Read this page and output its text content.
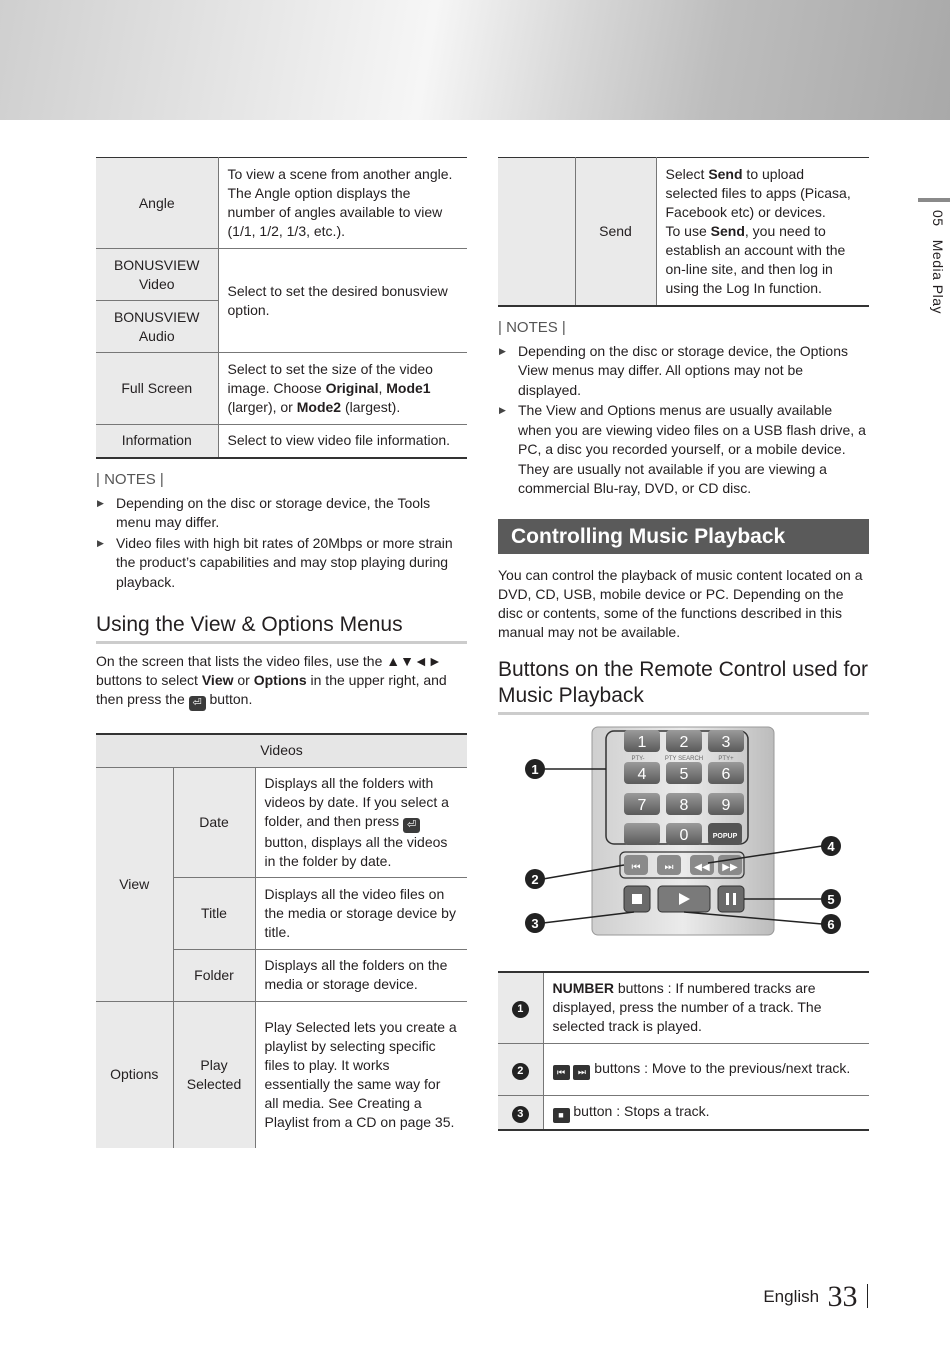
05   Media Play
Angle	To view a scene from another angle. The Angle option displays the number of angles available to view (1/1, 1/2, 1/3, etc.).
BONUSVIEW Video	Select to set the desired bonusview option.
BONUSVIEW Audio	
Full Screen	Select to set the size of the video image. Choose Original, Mode1
(larger), or Mode2 (largest).
Information	Select to view video file information.
| NOTES |
▶ Depending on the disc or storage device, the Tools menu may differ.
▶ Video files with high bit rates of 20Mbps or more strain the product’s capabilities and may stop playing during playback.
Using the View & Options Menus

On the screen that lists the video files, use the ▲▼◄► buttons to select View or Options in the upper right, and then press the ⏎ button.

Videos		
View	Date	Displays all the folders with videos by date. If you select a folder, and then press ⏎ button, displays all the videos in the folder by date.
	Title	Displays all the video files on the media or storage device by title.
	Folder	Displays all the folders on the media or storage device.
Options	Play Selected	Play Selected lets you create a playlist by selecting specific files to play. It works essentially the same way for all media. See Creating a Playlist from a CD on page 35.
	Send	Select Send to upload selected files to apps (Picasa, Facebook etc) or devices.
To use Send, you need to establish an account with the on-line site, and then log in using the Log In function.
| NOTES |
▶ Depending on the disc or storage device, the Options View menus may differ. All options may not be displayed.
▶ The View and Options menus are usually available when you are viewing video files on a USB flash drive, a PC, a disc you recorded yourself, or a mobile device. They are usually not available if you are viewing a commercial Blu-ray, DVD, or CD disc.
Controlling Music Playback

You can control the playback of music content located on a DVD, CD, USB, mobile device or PC. Depending on the disc or contents, some of the functions described in this manual may not be available.

Buttons on the Remote Control used for Music Playback
1 2 3
4 5 6
7 8 9
0
PTY-	PTY SEARCH	PTY+
POPUP
⏮ ⏭ ◀◀ ▶▶
1
2
3
4
5
6
1	NUMBER buttons : If numbered tracks are displayed, press the number of a track. The selected track is played.
2	⏮ ⏭ buttons : Move to the previous/next track.
3	■ button : Stops a track.
English 33
